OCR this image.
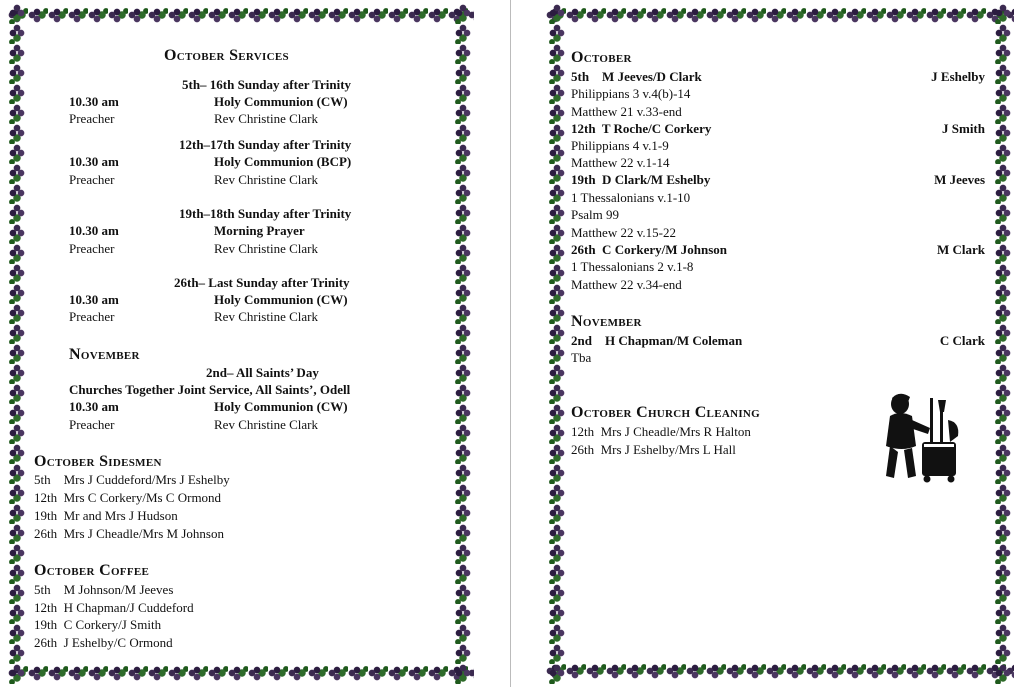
October Services
5th– 16th Sunday after Trinity
10.30 am	Holy Communion (CW)
Preacher	Rev Christine Clark
12th–17th Sunday after Trinity
10.30 am	Holy Communion (BCP)
Preacher	Rev Christine Clark
19th–18th Sunday after Trinity
10.30 am	Morning Prayer
Preacher	Rev Christine Clark
26th– Last Sunday after Trinity
10.30 am	Holy Communion (CW)
Preacher	Rev Christine Clark
November
2nd– All Saints’ Day
Churches Together Joint Service, All Saints’, Odell
10.30 am	Holy Communion (CW)
Preacher	Rev Christine Clark
October Sidesmen
5th    Mrs J Cuddeford/Mrs J Eshelby
12th  Mrs C Corkery/Ms C Ormond
19th  Mr and Mrs J Hudson
26th  Mrs J Cheadle/Mrs M Johnson
October Coffee
5th    M Johnson/M Jeeves
12th  H Chapman/J Cuddeford
19th  C Corkery/J Smith
26th  J Eshelby/C Ormond
October
5th    M Jeeves/D Clark	J Eshelby
Philippians 3 v.4(b)-14
Matthew 21 v.33-end
12th  T Roche/C Corkery	J Smith
Philippians 4 v.1-9
Matthew 22 v.1-14
19th  D Clark/M Eshelby	M Jeeves
1 Thessalonians v.1-10
Psalm 99
Matthew 22 v.15-22
26th  C Corkery/M Johnson	M Clark
1 Thessalonians 2 v.1-8
Matthew 22 v.34-end
November
2nd    H Chapman/M Coleman	C Clark
Tba
October Church Cleaning
12th  Mrs J Cheadle/Mrs R Halton
26th  Mrs J Eshelby/Mrs L Hall
